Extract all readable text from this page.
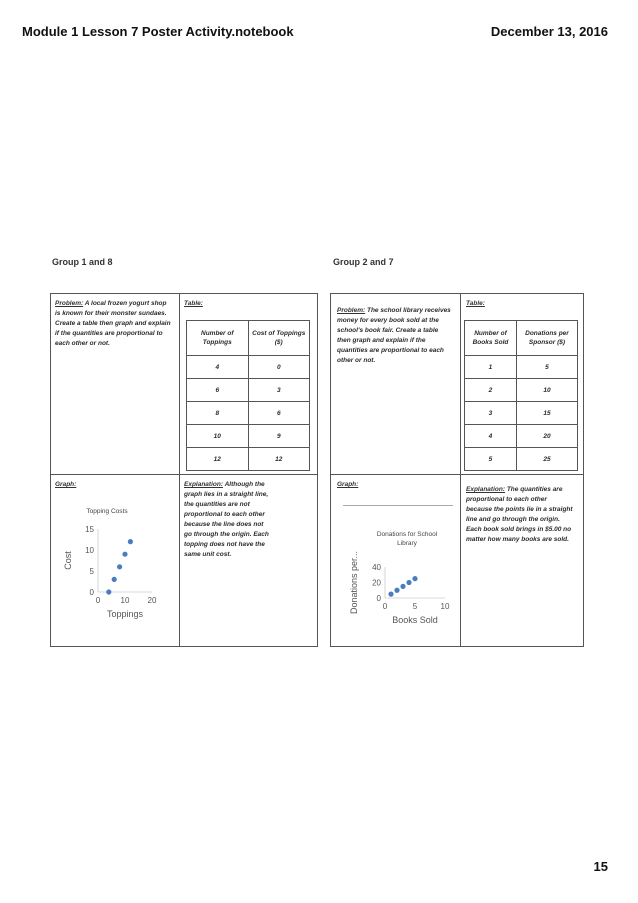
Module 1 Lesson 7 Poster Activity.notebook	December 13, 2016
Group 1 and 8	Group 2 and 7
Problem: A local frozen yogurt shop is known for their monster sundaes. Create a table then graph and explain if the quantities are proportional to each other or not.
Table:
Number of Toppings	Cost of Toppings ($)
4	0
6	3
8	6
10	9
12	12
Graph:	Explanation: Although the graph lies in a straight line, the quantities are not proportional to each other because the line does not go through the origin. Each topping does not have the same unit cost.
Topping Costs
0	10 20
0
5
10
15
Toppings
Cost
Problem: The school library receives money for every book sold at the school's book fair. Create a table then graph and explain if the quantities are proportional to each other or not.
Table:
Number of Books Sold	Donations per Sponsor ($)
1	5
2	10
3	15
4	20
5	25
Graph:
Explanation: The quantities are proportional to each other because the points lie in a straight line and go through the origin. Each book sold brings in $5.00 no matter how many books are sold.
Donations for School
Library
0	5	10
0
20
40
Books Sold
Donations per...
15
